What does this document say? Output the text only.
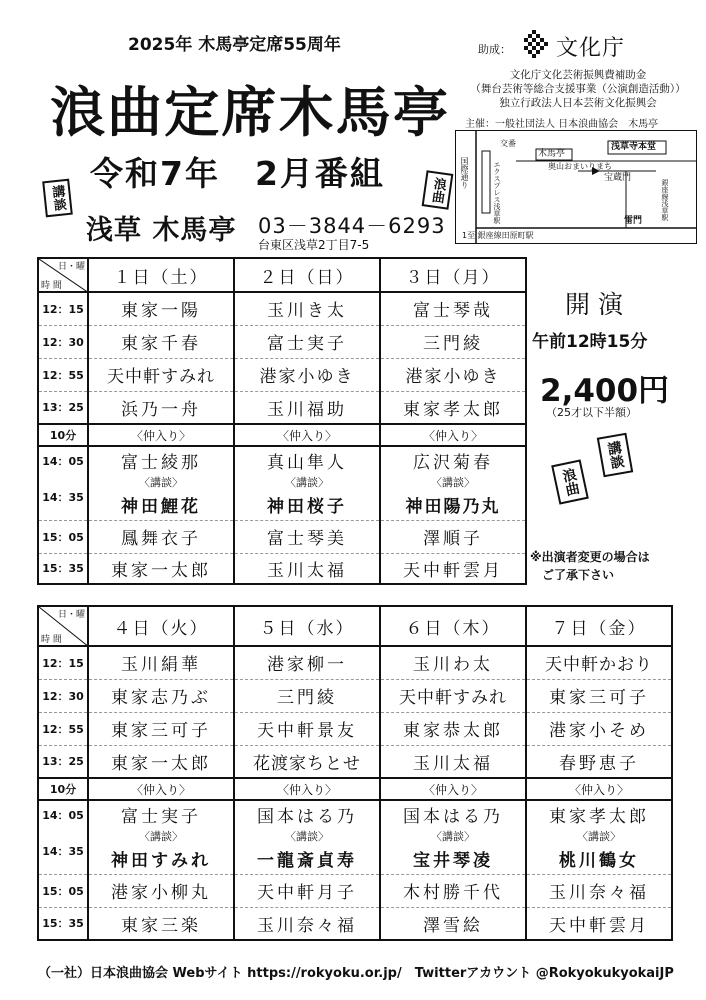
2025年 木馬亭定席55周年
浪曲定席木馬亭
令和7年　2月番組
浅草 木馬亭 03－3844－6293
台東区浅草2丁目7-5
講談	浪曲
助成： 文化庁
文化庁文化芸術振興費補助金
（舞台芸術等総合支援事業（公演創造活動））
独立行政法人日本芸術文化振興会
主催：一般社団法人 日本浪曲協会　木馬亭
交番
木馬亭
浅草寺本堂
奥山おまいりまち
宝蔵門
国際通り	エクスプレス浅草駅	銀座線浅草駅
雷門
1至 銀座線田原町駅
日・曜
時 間	１日（土）	２日（日）	３日（月）
12：15	東家一陽	玉川き太	富士琴哉
12：30	東家千春	富士実子	三門綾
12：55	天中軒すみれ	港家小ゆき	港家小ゆき
13：25	浜乃一舟	玉川福助	東家孝太郎
10分	〈仲入り〉	〈仲入り〉	〈仲入り〉
14：05	富士綾那	真山隼人	広沢菊春
14：35	〈講談〉	〈講談〉	〈講談〉
	神田鯉花	神田桜子	神田陽乃丸
15：05	鳳舞衣子	富士琴美	澤順子
15：35	東家一太郎	玉川太福	天中軒雲月
開演
午前12時15分
2,400円
（25才以下半額）
浪曲
講談
※出演者変更の場合は
ご了承下さい
日・曜
時 間	４日（火）	５日（水）	６日（木）	７日（金）
12：15	玉川絹華	港家柳一	玉川わ太	天中軒かおり
12：30	東家志乃ぶ	三門綾	天中軒すみれ	東家三可子
12：55	東家三可子	天中軒景友	東家恭太郎	港家小そめ
13：25	東家一太郎	花渡家ちとせ	玉川太福	春野恵子
10分	〈仲入り〉	〈仲入り〉	〈仲入り〉	〈仲入り〉
14：05	富士実子	国本はる乃	国本はる乃	東家孝太郎
14：35	〈講談〉	〈講談〉	〈講談〉	〈講談〉
	神田すみれ	一龍斎貞寿	宝井琴凌	桃川鶴女
15：05	港家小柳丸	天中軒月子	木村勝千代	玉川奈々福
15：35	東家三楽	玉川奈々福	澤雪絵	天中軒雲月
（一社）日本浪曲協会 Webサイト https://rokyoku.or.jp/　Twitterアカウント @RokyokukyokaiJP
